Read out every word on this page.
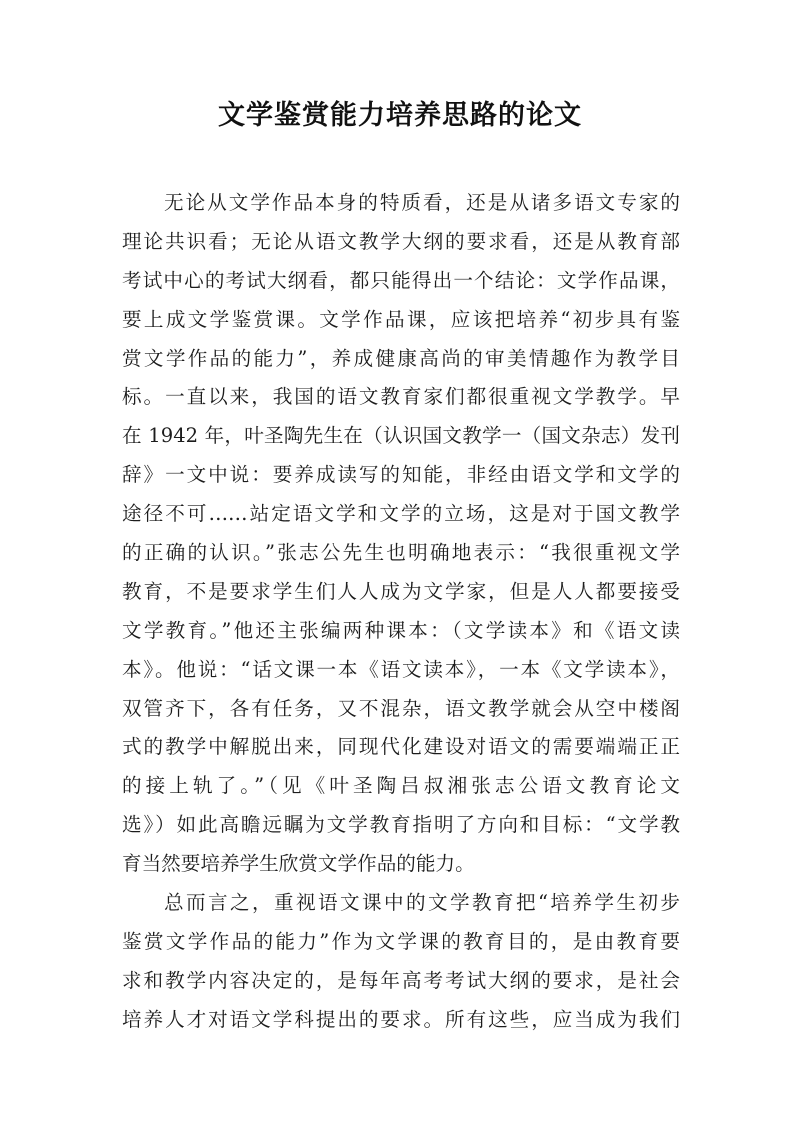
文学鉴赏能力培养思路的论文
无论从文学作品本身的特质看，还是从诸多语文专家的
理论共识看；无论从语文教学大纲的要求看，还是从教育部
考试中心的考试大纲看，都只能得出一个结论：文学作品课，
要上成文学鉴赏课。文学作品课，应该把培养“初步具有鉴
赏文学作品的能力”，养成健康高尚的审美情趣作为教学目
标。一直以来，我国的语文教育家们都很重视文学教学。早
在 1942 年，叶圣陶先生在（认识国文教学一（国文杂志）发刊
辞》一文中说：要养成读写的知能，非经由语文学和文学的
途径不可……站定语文学和文学的立场，这是对于国文教学
的正确的认识。”张志公先生也明确地表示：“我很重视文学
教育，不是要求学生们人人成为文学家，但是人人都要接受
文学教育。”他还主张编两种课本：（文学读本》和《语文读
本》。他说：“话文课一本《语文读本》，一本《文学读本》，
双管齐下，各有任务，又不混杂，语文教学就会从空中楼阁
式的教学中解脱出来，同现代化建设对语文的需要端端正正
的接上轨了。”（见《叶圣陶吕叔湘张志公语文教育论文
选》）如此高瞻远瞩为文学教育指明了方向和目标：“文学教
育当然要培养学生欣赏文学作品的能力。
总而言之，重视语文课中的文学教育把“培养学生初步
鉴赏文学作品的能力”作为文学课的教育目的，是由教育要
求和教学内容决定的，是每年高考考试大纲的要求，是社会
培养人才对语文学科提出的要求。所有这些，应当成为我们
